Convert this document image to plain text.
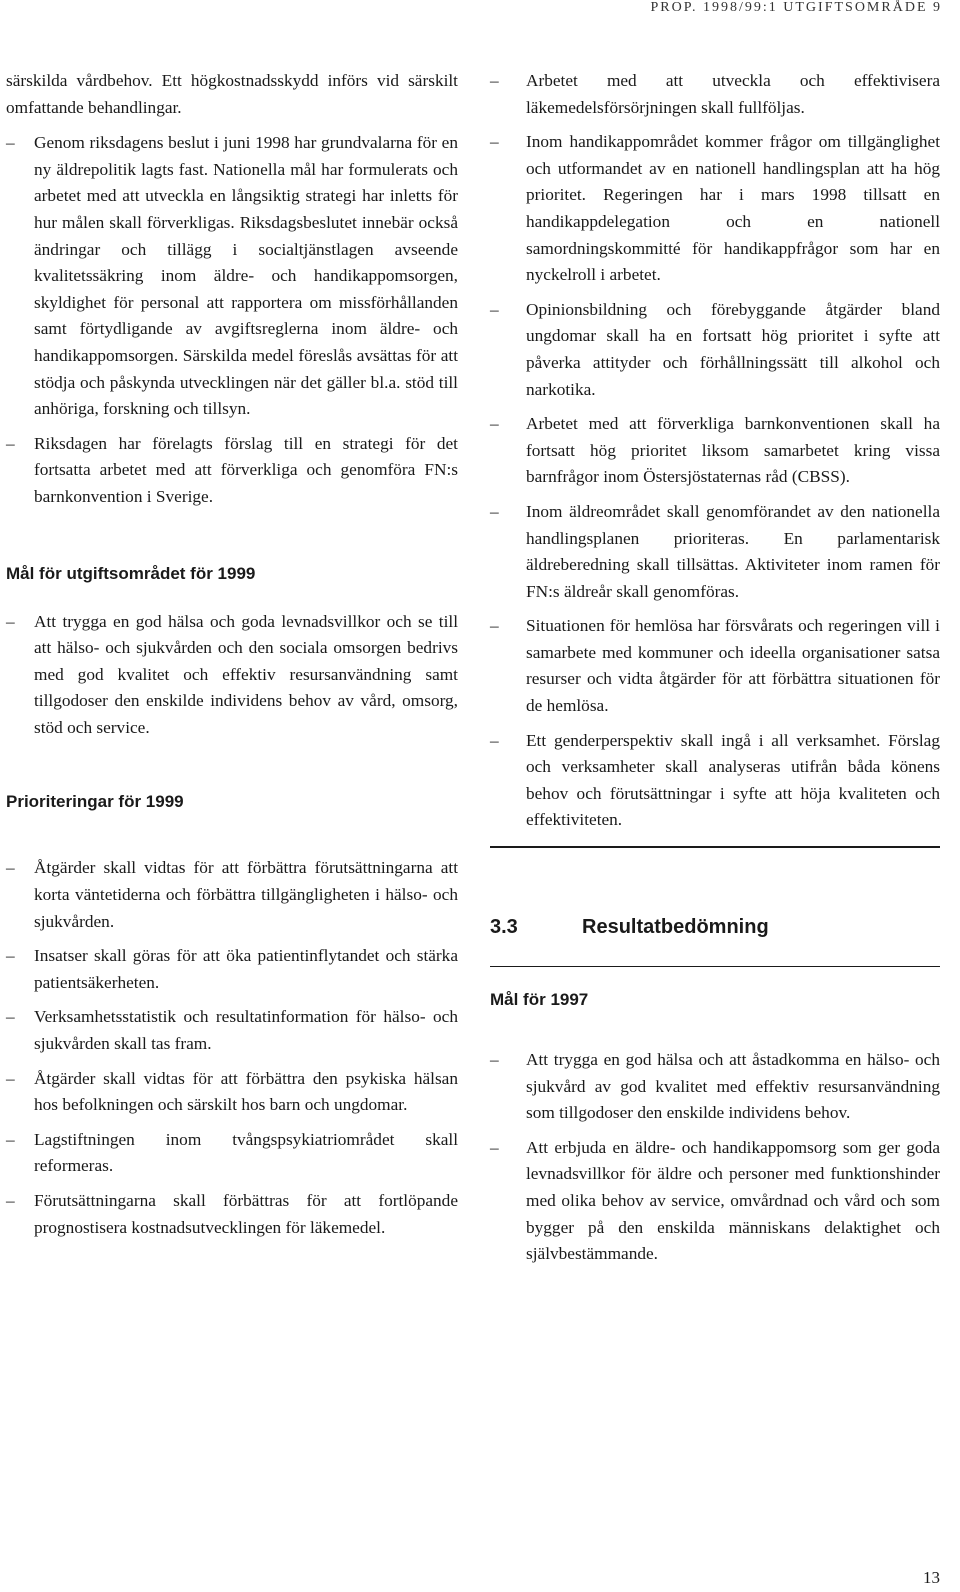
PROP. 1998/99:1 UTGIFTSOMRÅDE 9

särskilda vårdbehov. Ett högkostnadsskydd införs vid särskilt omfattande behandlingar.

– Genom riksdagens beslut i juni 1998 har grundvalarna för en ny äldrepolitik lagts fast. Nationella mål har formulerats och arbetet med att utveckla en långsiktig strategi har inletts för hur målen skall förverkligas. Riksdagsbeslutet innebär också ändringar och tillägg i socialtjänstlagen avseende kvalitetssäkring inom äldre- och handikappomsorgen, skyldighet för personal att rapportera om missförhållanden samt förtydligande av avgiftsreglerna inom äldre- och handikappomsorgen. Särskilda medel föreslås avsättas för att stödja och påskynda utvecklingen när det gäller bl.a. stöd till anhöriga, forskning och tillsyn.
– Riksdagen har förelagts förslag till en strategi för det fortsatta arbetet med att förverkliga och genomföra FN:s barnkonvention i Sverige.
Mål för utgiftsområdet för 1999
– Att trygga en god hälsa och goda levnadsvillkor och se till att hälso- och sjukvården och den sociala omsorgen bedrivs med god kvalitet och effektiv resursanvändning samt tillgodoser den enskilde individens behov av vård, omsorg, stöd och service.
Prioriteringar för 1999
– Åtgärder skall vidtas för att förbättra förutsättningarna att korta väntetiderna och förbättra tillgängligheten i hälso- och sjukvården.
– Insatser skall göras för att öka patientinflytandet och stärka patientsäkerheten.
– Verksamhetsstatistik och resultatinformation för hälso- och sjukvården skall tas fram.
– Åtgärder skall vidtas för att förbättra den psykiska hälsan hos befolkningen och särskilt hos barn och ungdomar.
– Lagstiftningen inom tvångspsykiatriområdet skall reformeras.
– Förutsättningarna skall förbättras för att fortlöpande prognostisera kostnadsutvecklingen för läkemedel.
– Arbetet med att utveckla och effektivisera läkemedelsförsörjningen skall fullföljas.
– Inom handikappområdet kommer frågor om tillgänglighet och utformandet av en nationell handlingsplan att ha hög prioritet. Regeringen har i mars 1998 tillsatt en handikappdelegation och en nationell samordningskommitté för handikappfrågor som har en nyckelroll i arbetet.
– Opinionsbildning och förebyggande åtgärder bland ungdomar skall ha en fortsatt hög prioritet i syfte att påverka attityder och förhållningssätt till alkohol och narkotika.
– Arbetet med att förverkliga barnkonventionen skall ha fortsatt hög prioritet liksom samarbetet kring vissa barnfrågor inom Östersjöstaternas råd (CBSS).
– Inom äldreområdet skall genomförandet av den nationella handlingsplanen prioriteras. En parlamentarisk äldreberedning skall tillsättas. Aktiviteter inom ramen för FN:s äldreår skall genomföras.
– Situationen för hemlösa har försvårats och regeringen vill i samarbete med kommuner och ideella organisationer satsa resurser och vidta åtgärder för att förbättra situationen för de hemlösa.
– Ett genderperspektiv skall ingå i all verksamhet. Förslag och verksamheter skall analyseras utifrån båda könens behov och förutsättningar i syfte att höja kvaliteten och effektiviteten.
3.3	Resultatbedömning
Mål för 1997
– Att trygga en god hälsa och att åstadkomma en hälso- och sjukvård av god kvalitet med effektiv resursanvändning som tillgodoser den enskilde individens behov.
– Att erbjuda en äldre- och handikappomsorg som ger goda levnadsvillkor för äldre och personer med funktionshinder med olika behov av service, omvårdnad och vård och som bygger på den enskilda människans delaktighet och självbestämmande.
13
